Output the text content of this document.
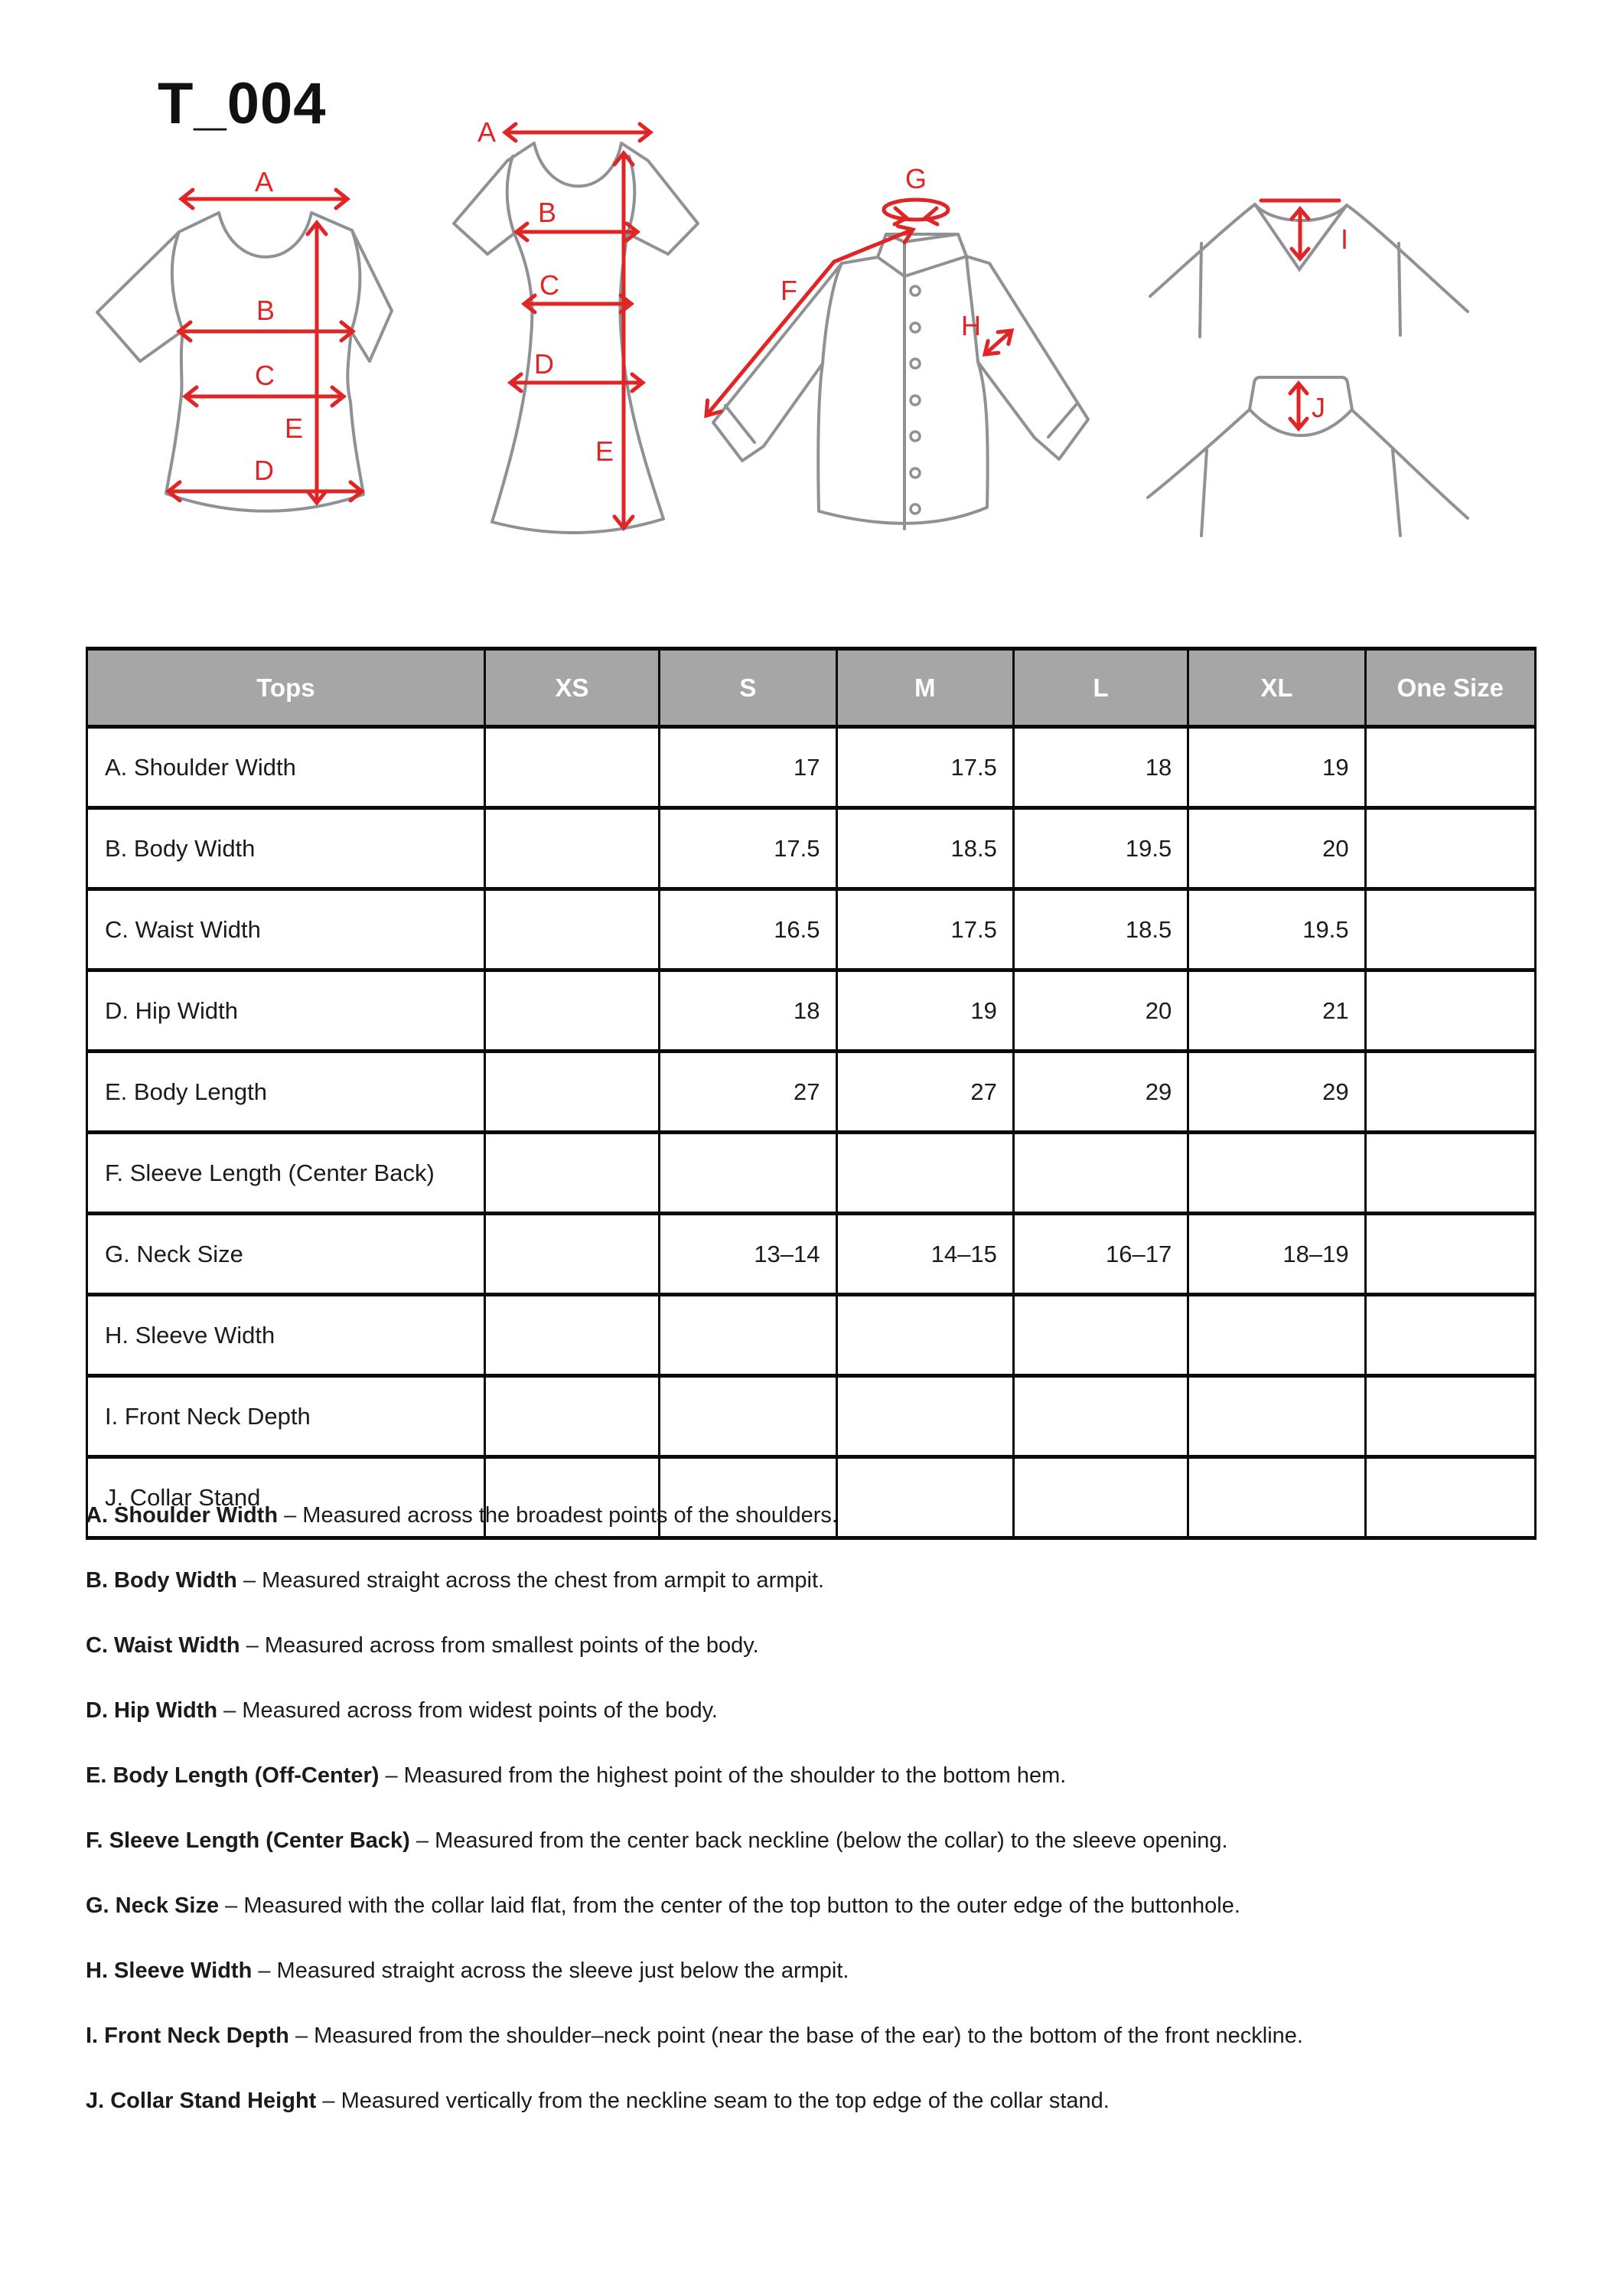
T_004
A
E
B
C
D
A
E
B
C
D
G
F
H
I
J
Tops	XS	S	M	L	XL	One Size
A. Shoulder Width		17	17.5	18	19	
B. Body Width		17.5	18.5	19.5	20	
C. Waist Width		16.5	17.5	18.5	19.5	
D. Hip Width		18	19	20	21	
E. Body Length		27	27	29	29	
F. Sleeve Length (Center Back)						
G. Neck Size		13–14	14–15	16–17	18–19	
H. Sleeve Width						
I. Front Neck Depth						
J. Collar Stand						

A. Shoulder Width – Measured across the broadest points of the shoulders.

B. Body Width – Measured straight across the chest from armpit to armpit.

C. Waist Width – Measured across from smallest points of the body.

D. Hip Width – Measured across from widest points of the body.

E. Body Length (Off-Center) – Measured from the highest point of the shoulder to the bottom hem.

F. Sleeve Length (Center Back) – Measured from the center back neckline (below the collar) to the sleeve opening.

G. Neck Size – Measured with the collar laid flat, from the center of the top button to the outer edge of the buttonhole.

H. Sleeve Width – Measured straight across the sleeve just below the armpit.

I. Front Neck Depth – Measured from the shoulder–neck point (near the base of the ear) to the bottom of the front neckline.

J. Collar Stand Height – Measured vertically from the neckline seam to the top edge of the collar stand.
